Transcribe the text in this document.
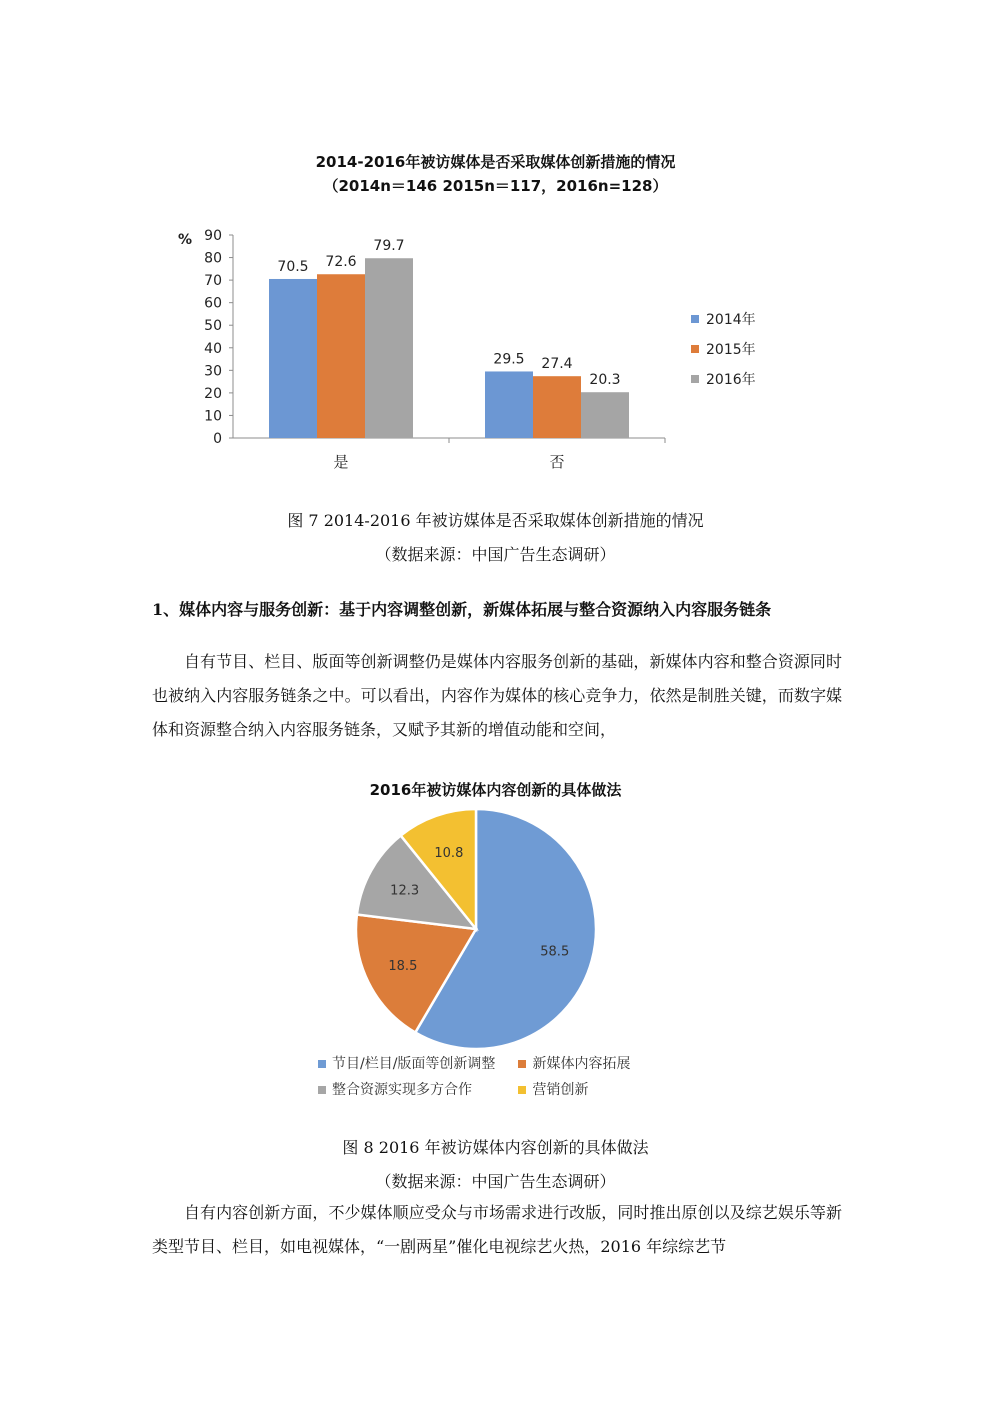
2014-2016年被访媒体是否采取媒体创新措施的情况
（2014n＝146 2015n＝117，2016n=128）
0
10
20
30
40
50
60
70
80
90
%
是	否
70.5 72.6
79.7
29.5 27.4
20.3
2014年
2015年
2016年
图 7 2014-2016 年被访媒体是否采取媒体创新措施的情况
（数据来源：中国广告生态调研）
1、媒体内容与服务创新：基于内容调整创新，新媒体拓展与整合资源纳入内容服务链条
自有节目、栏目、版面等创新调整仍是媒体内容服务创新的基础，新媒体内容和整合资源同时也被纳入内容服务链条之中。可以看出，内容作为媒体的核心竞争力，依然是制胜关键，而数字媒体和资源整合纳入内容服务链条，又赋予其新的增值动能和空间，
2016年被访媒体内容创新的具体做法
58.5
18.5
12.3
10.8
节目/栏目/版面等创新调整	新媒体内容拓展
整合资源实现多方合作	营销创新
图 8 2016 年被访媒体内容创新的具体做法
（数据来源：中国广告生态调研）
自有内容创新方面，不少媒体顺应受众与市场需求进行改版，同时推出原创以及综艺娱乐等新类型节目、栏目，如电视媒体，“一剧两星”催化电视综艺火热，2016 年综综艺节
